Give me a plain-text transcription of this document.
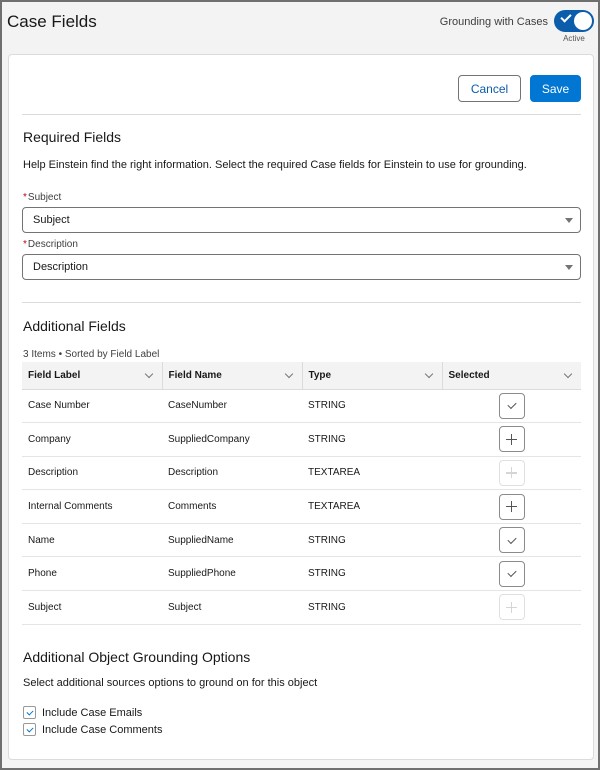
Case Fields	Grounding with Cases
Active
Cancel	Save
Required Fields
Help Einstein find the right information. Select the required Case fields for Einstein to use for grounding.
*Subject
Subject
*Description
Description
Additional Fields
3 Items • Sorted by Field Label
Field Label	Field Name	Type	Selected

Case Number	CaseNumber	STRING	

Company	SuppliedCompany	STRING	

Description	Description	TEXTAREA	

Internal Comments	Comments	TEXTAREA	

Name	SuppliedName	STRING	

Phone	SuppliedPhone	STRING	

Subject	Subject	STRING	
Additional Object Grounding Options
Select additional sources options to ground on for this object
Include Case Emails
Include Case Comments
